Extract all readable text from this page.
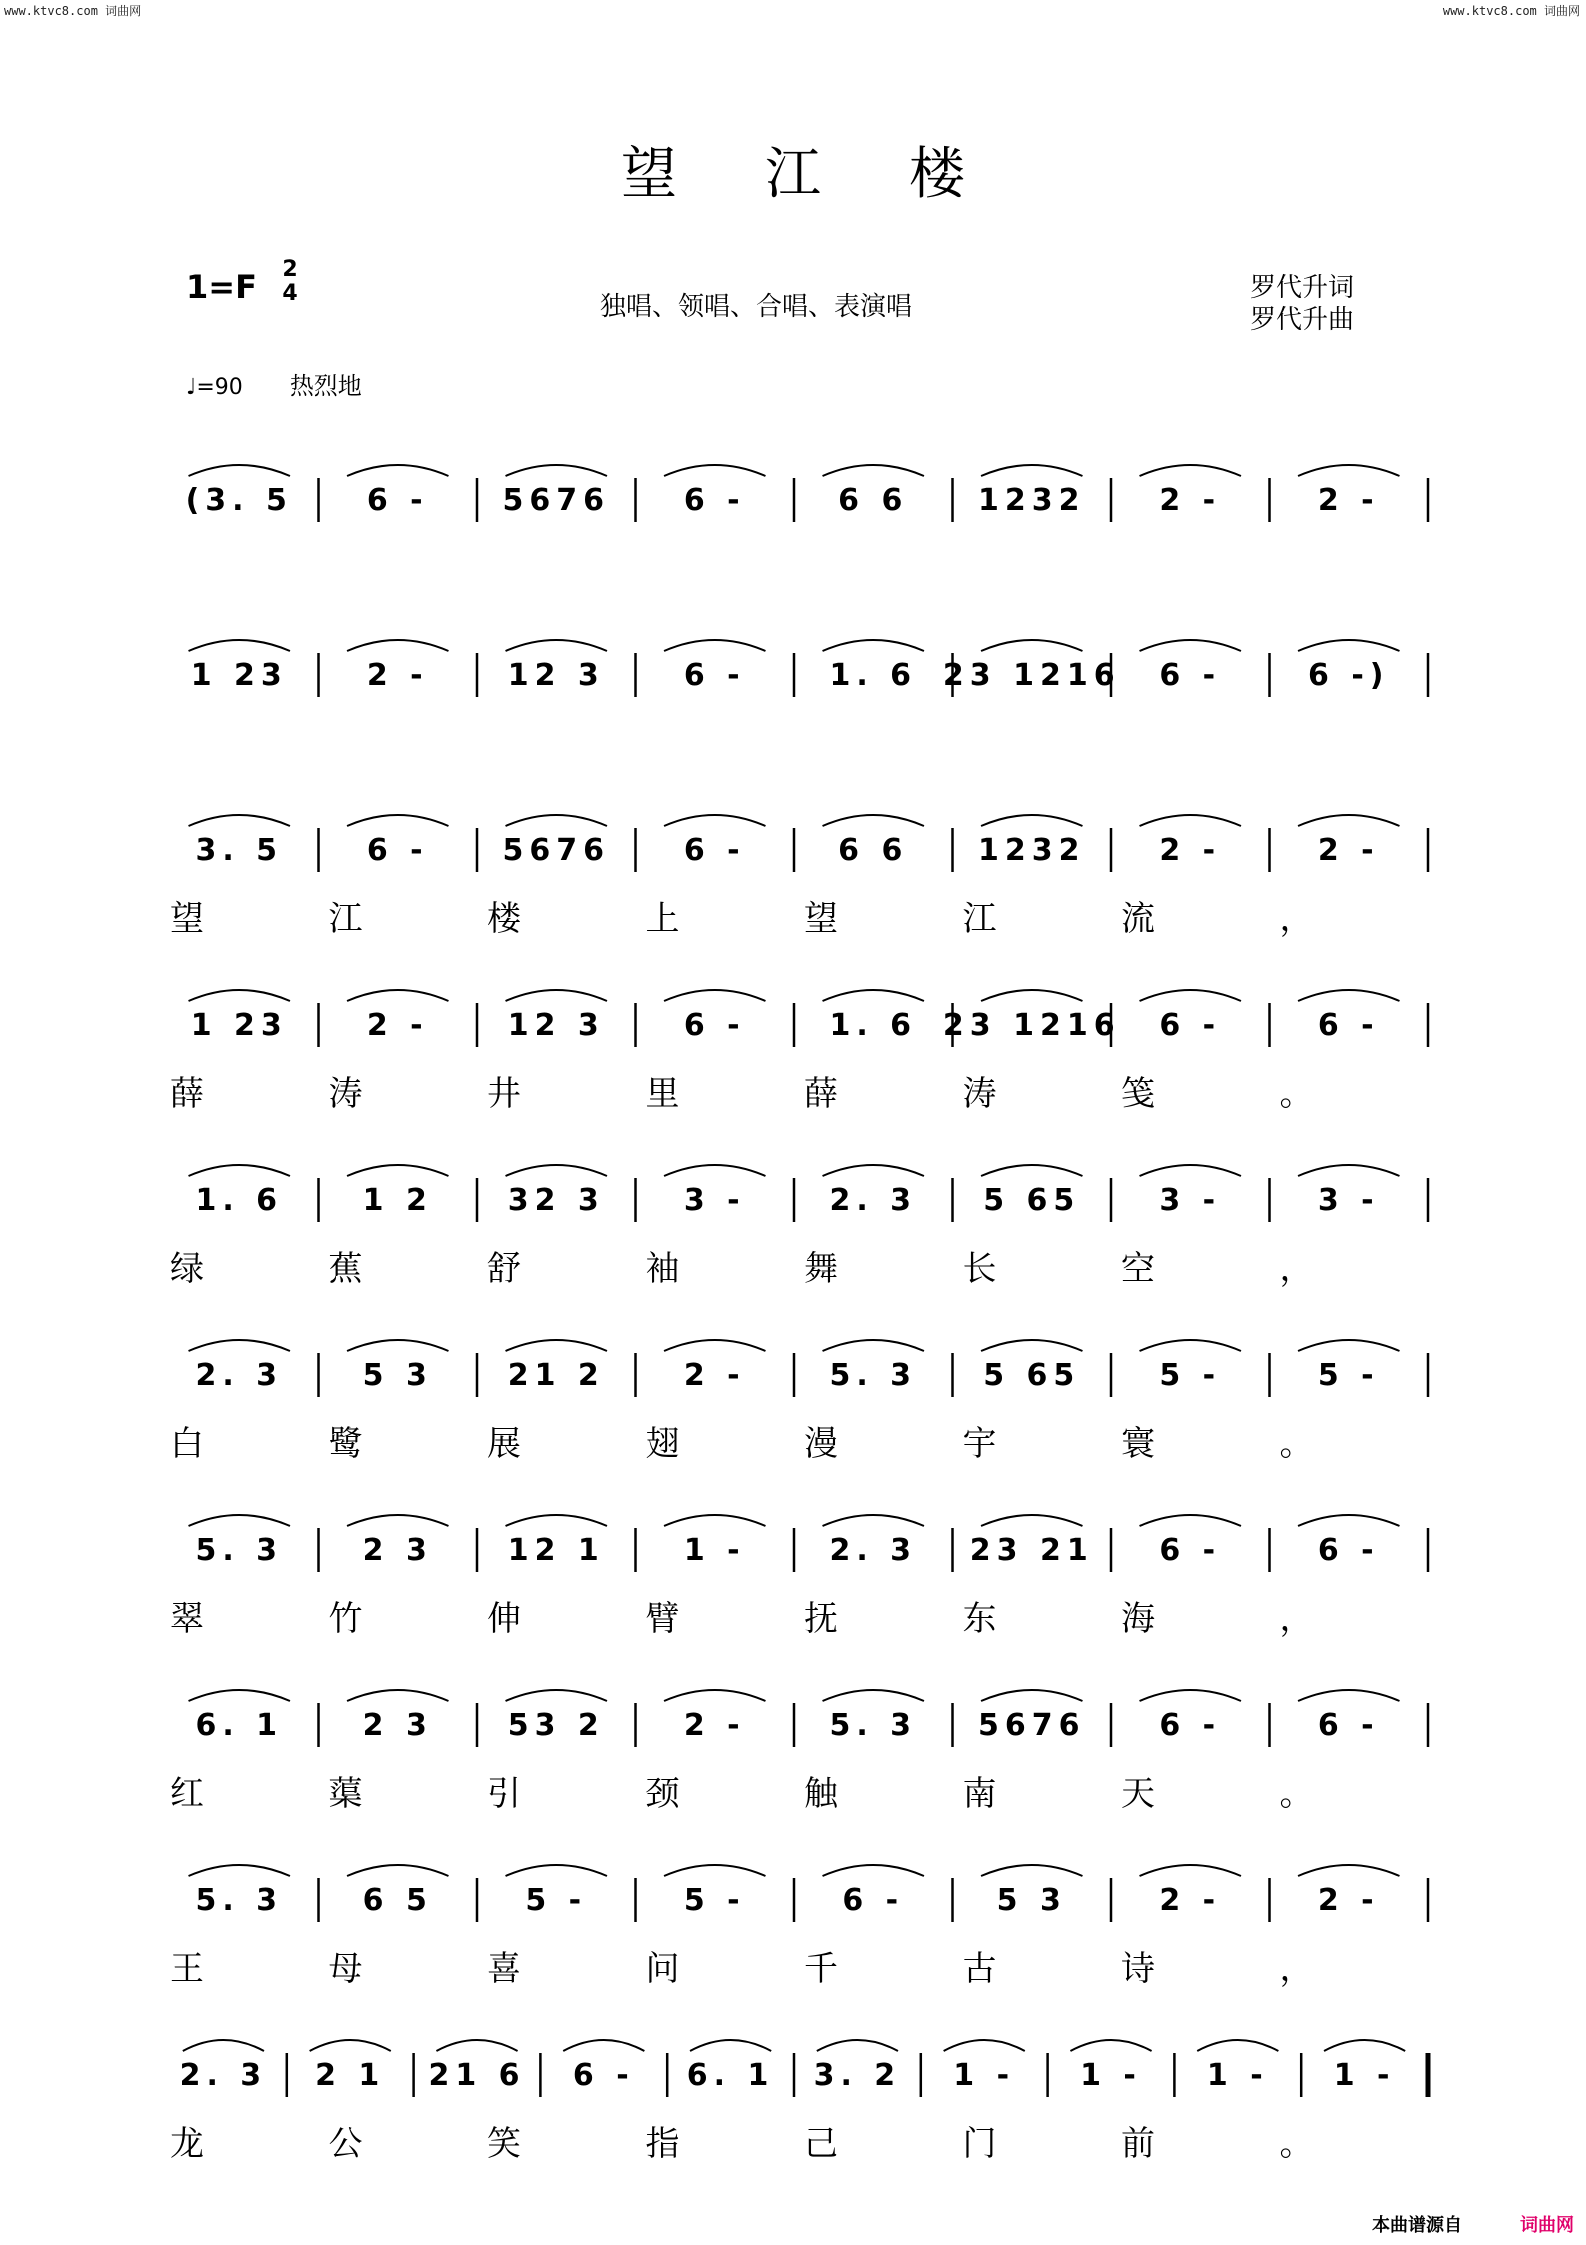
www.ktvc8.com 词曲网	www.ktvc8.com 词曲网
望江楼
1=F 2
4	独唱、领唱、合唱、表演唱
罗代升词
罗代升曲
♩=90 热烈地
(3. 5 6 - 5676 6 -	6 6 1232 2 -	2 -
1 23	2 -	12 3	6 -	1. 6 23 1216 6 -	6 -)
3. 5	6 - 5676 6 -	6 6 1232 2 -	2 -
望	江	楼	上	望	江	流	，
1 23	2 -	12 3	6 -	1. 6 23 1216 6 -	6 -
薛	涛	井	里	薛	涛	笺	。
1. 6	1 2 32 3	3 -	2. 3 5 65	3 -	3 -
绿	蕉	舒	袖	舞	长	空	，
2. 3	5 3 21 2	2 -	5. 3 5 65	5 -	5 -
白	鹭	展	翅	漫	宇	寰	。
5. 3	2 3 12 1	1 -	2. 3 23 21 6 -	6 -
翠	竹	伸	臂	抚	东	海	，
6. 1	2 3 53 2	2 -	5. 3 5676 6 -	6 -
红	蕖	引	颈	触	南	天	。
5. 3	6 5	5 -	5 -	6 -	5 3	2 -	2 -
王	母	喜	问	千	古	诗	，
2. 3 2 1 21 6 6 - 6. 1 3. 2 1 - 1 - 1 - 1 -
龙	公	笑	指	己	门	前	。
本曲谱源自	词曲网
